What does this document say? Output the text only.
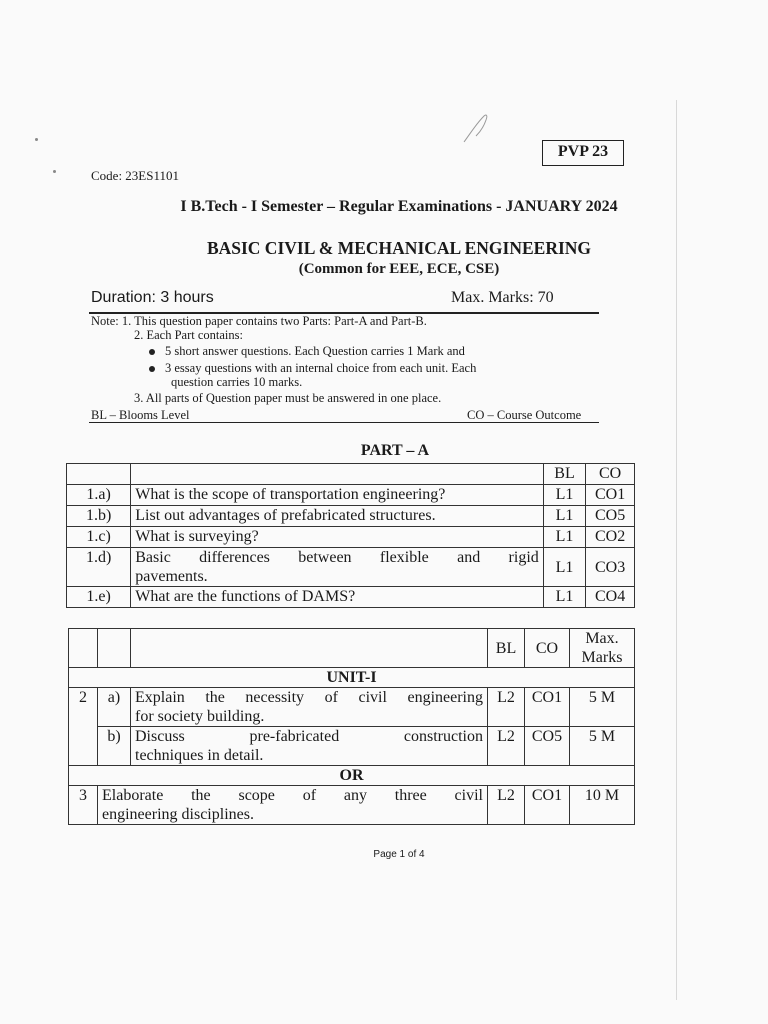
PVP 23
Code: 23ES1101
I B.Tech - I Semester – Regular Examinations - JANUARY 2024
BASIC CIVIL & MECHANICAL ENGINEERING
(Common for EEE, ECE, CSE)
Duration: 3 hours	Max. Marks: 70
Note: 1. This question paper contains two Parts: Part-A and Part-B.
2. Each Part contains:
5 short answer questions. Each Question carries 1 Mark and
3 essay questions with an internal choice from each unit. Each
question carries 10 marks.
3. All parts of Question paper must be answered in one place.
BL – Blooms Level	CO – Course Outcome
PART – A
		BL	CO
1.a)	What is the scope of transportation engineering?	L1	CO1
1.b)	List out advantages of prefabricated structures.	L1	CO5
1.c)	What is surveying?	L1	CO2
1.d)	Basic differences between flexible and rigid
pavements.	L1	CO3
1.e)	What are the functions of DAMS?	L1	CO4
			BL	CO	Max.
Marks

UNIT-I					
2	a)	Explain the necessity of civil engineering
for society building.	L2	CO1	5 M
	b)	Discuss pre-fabricated construction
techniques in detail.	L2	CO5	5 M
OR					
3	Elaborate the scope of any three civil
engineering disciplines.		L2	CO1	10 M
Page 1 of 4
